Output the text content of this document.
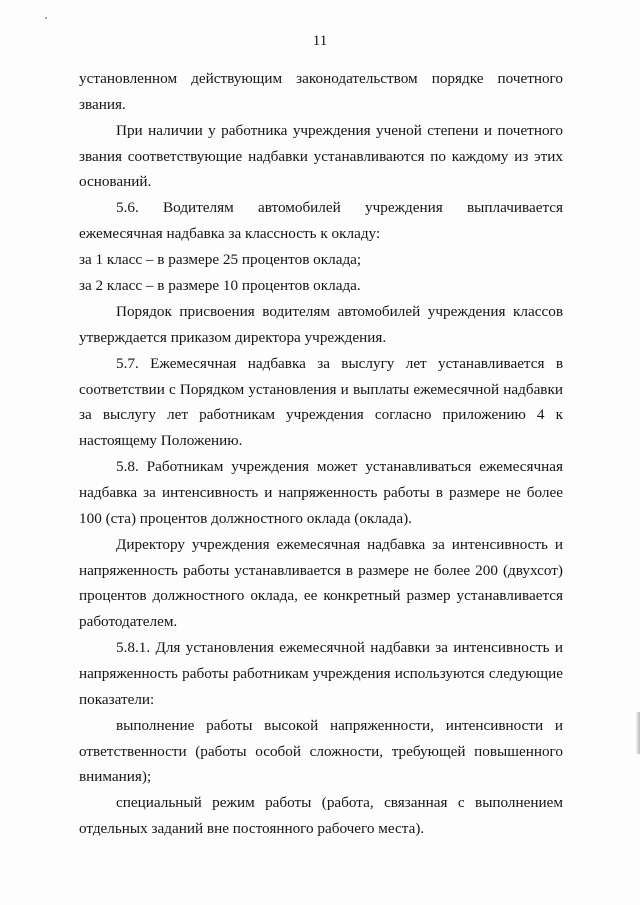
11

установленном действующим законодательством порядке почетного

звания.

При наличии у работника учреждения ученой степени и почетного

звания соответствующие надбавки устанавливаются по каждому из этих оснований.

5.6. Водителям автомобилей учреждения выплачивается

ежемесячная надбавка за классность к окладу:

за 1 класс – в размере 25 процентов оклада;

за 2 класс – в размере 10 процентов оклада.

Порядок присвоения водителям автомобилей учреждения классов

утверждается приказом директора учреждения.

5.7. Ежемесячная надбавка за выслугу лет устанавливается в

соответствии с Порядком установления и выплаты ежемесячной надбавки за выслугу лет работникам учреждения согласно приложению 4 к настоящему Положению.

5.8. Работникам учреждения может устанавливаться ежемесячная

надбавка за интенсивность и напряженность работы в размере не более 100 (ста) процентов должностного оклада (оклада).

Директору учреждения ежемесячная надбавка за интенсивность и

напряженность работы устанавливается в размере не более 200 (двухсот) процентов должностного оклада, ее конкретный размер устанавливается работодателем.

5.8.1. Для установления ежемесячной надбавки за интенсивность и

напряженность работы работникам учреждения используются следующие показатели:

выполнение работы высокой напряженности, интенсивности и

ответственности (работы особой сложности, требующей повышенного внимания);

специальный режим работы (работа, связанная с выполнением

отдельных заданий вне постоянного рабочего места).
